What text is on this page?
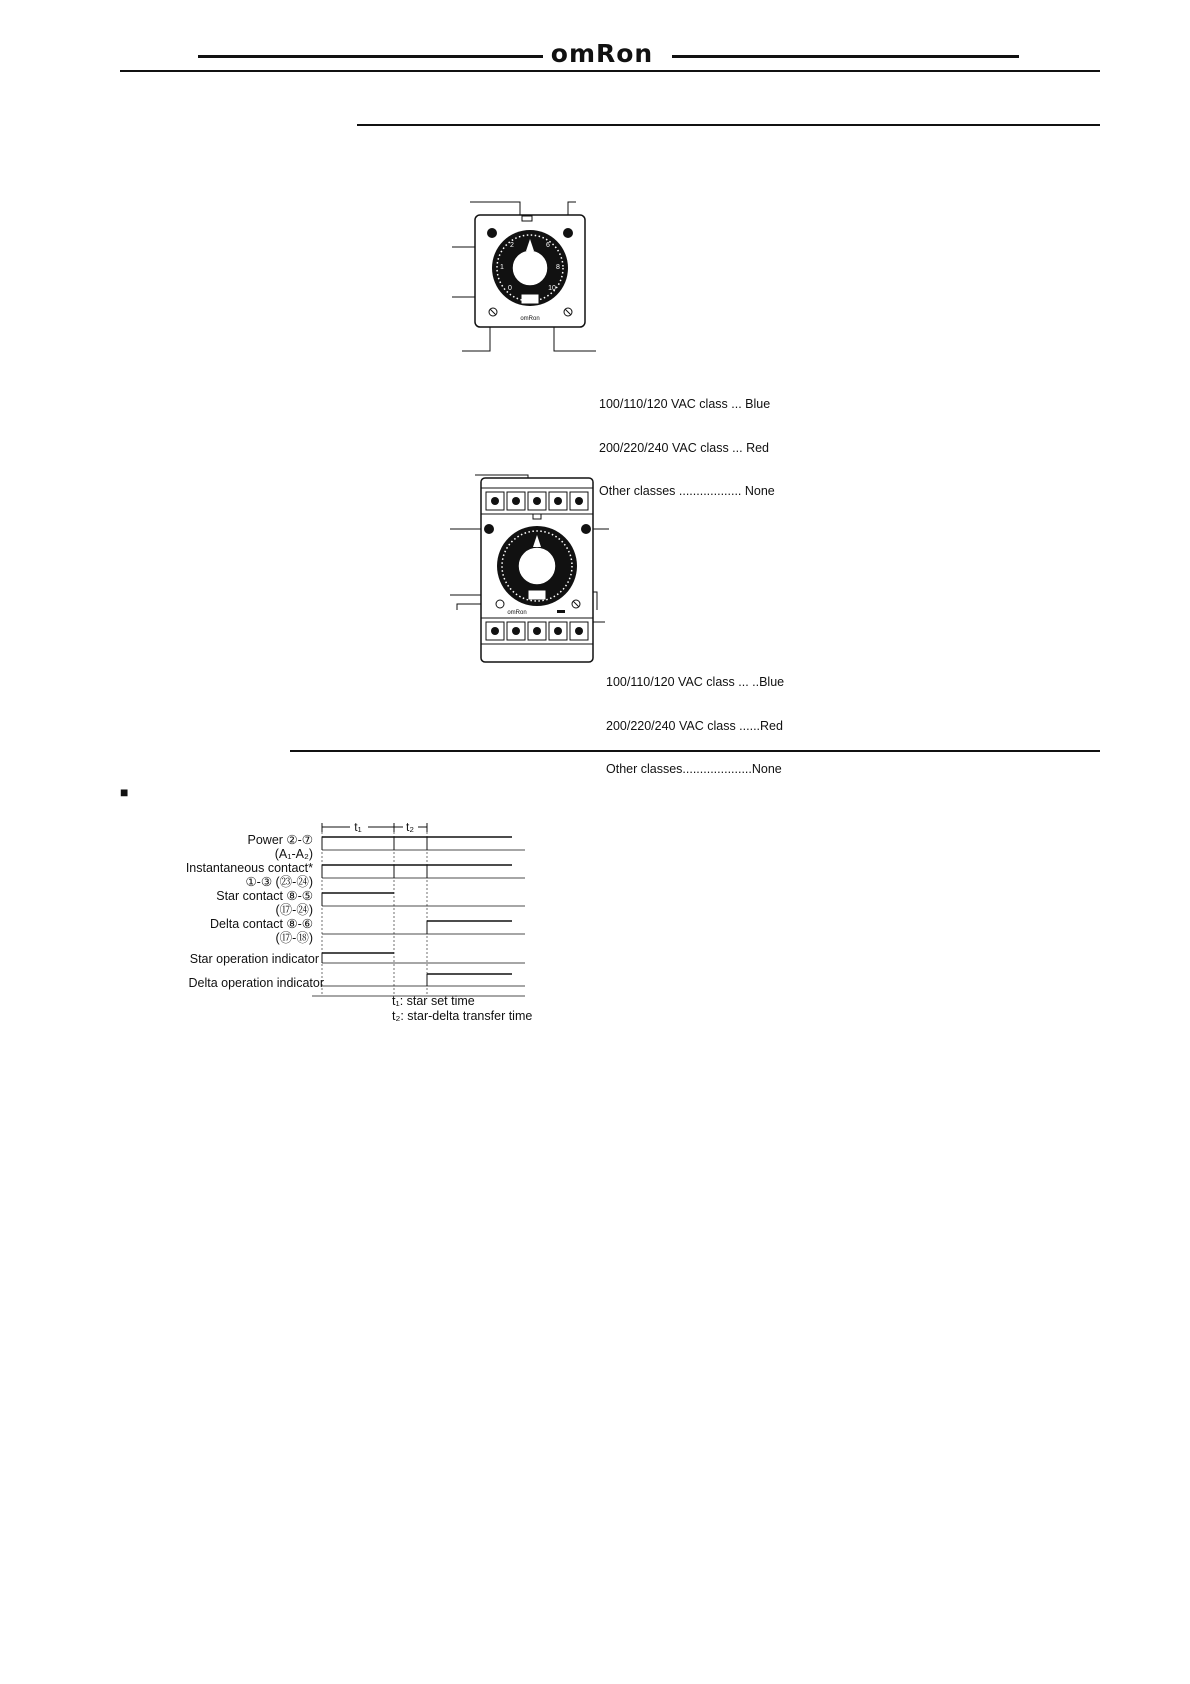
omRon
2	6
1	8
0	10
omRon

100/110/120 VAC class ... Blue

200/220/240 VAC class ... Red

Other classes .................. None

omRon

100/110/120 VAC class ... ..Blue

200/220/240 VAC class ......Red

Other classes....................None

■
Power ②-⑦
(A₁-A₂)
Instantaneous contact*
①-③ (㉓-㉔)
Star contact ⑧-⑤
(⑰-㉔)
Delta contact ⑧-⑥
(⑰-⑱)
Star operation indicator
Delta operation indicator
t₁	t₂
t₁: star set time
t₂: star-delta transfer time
